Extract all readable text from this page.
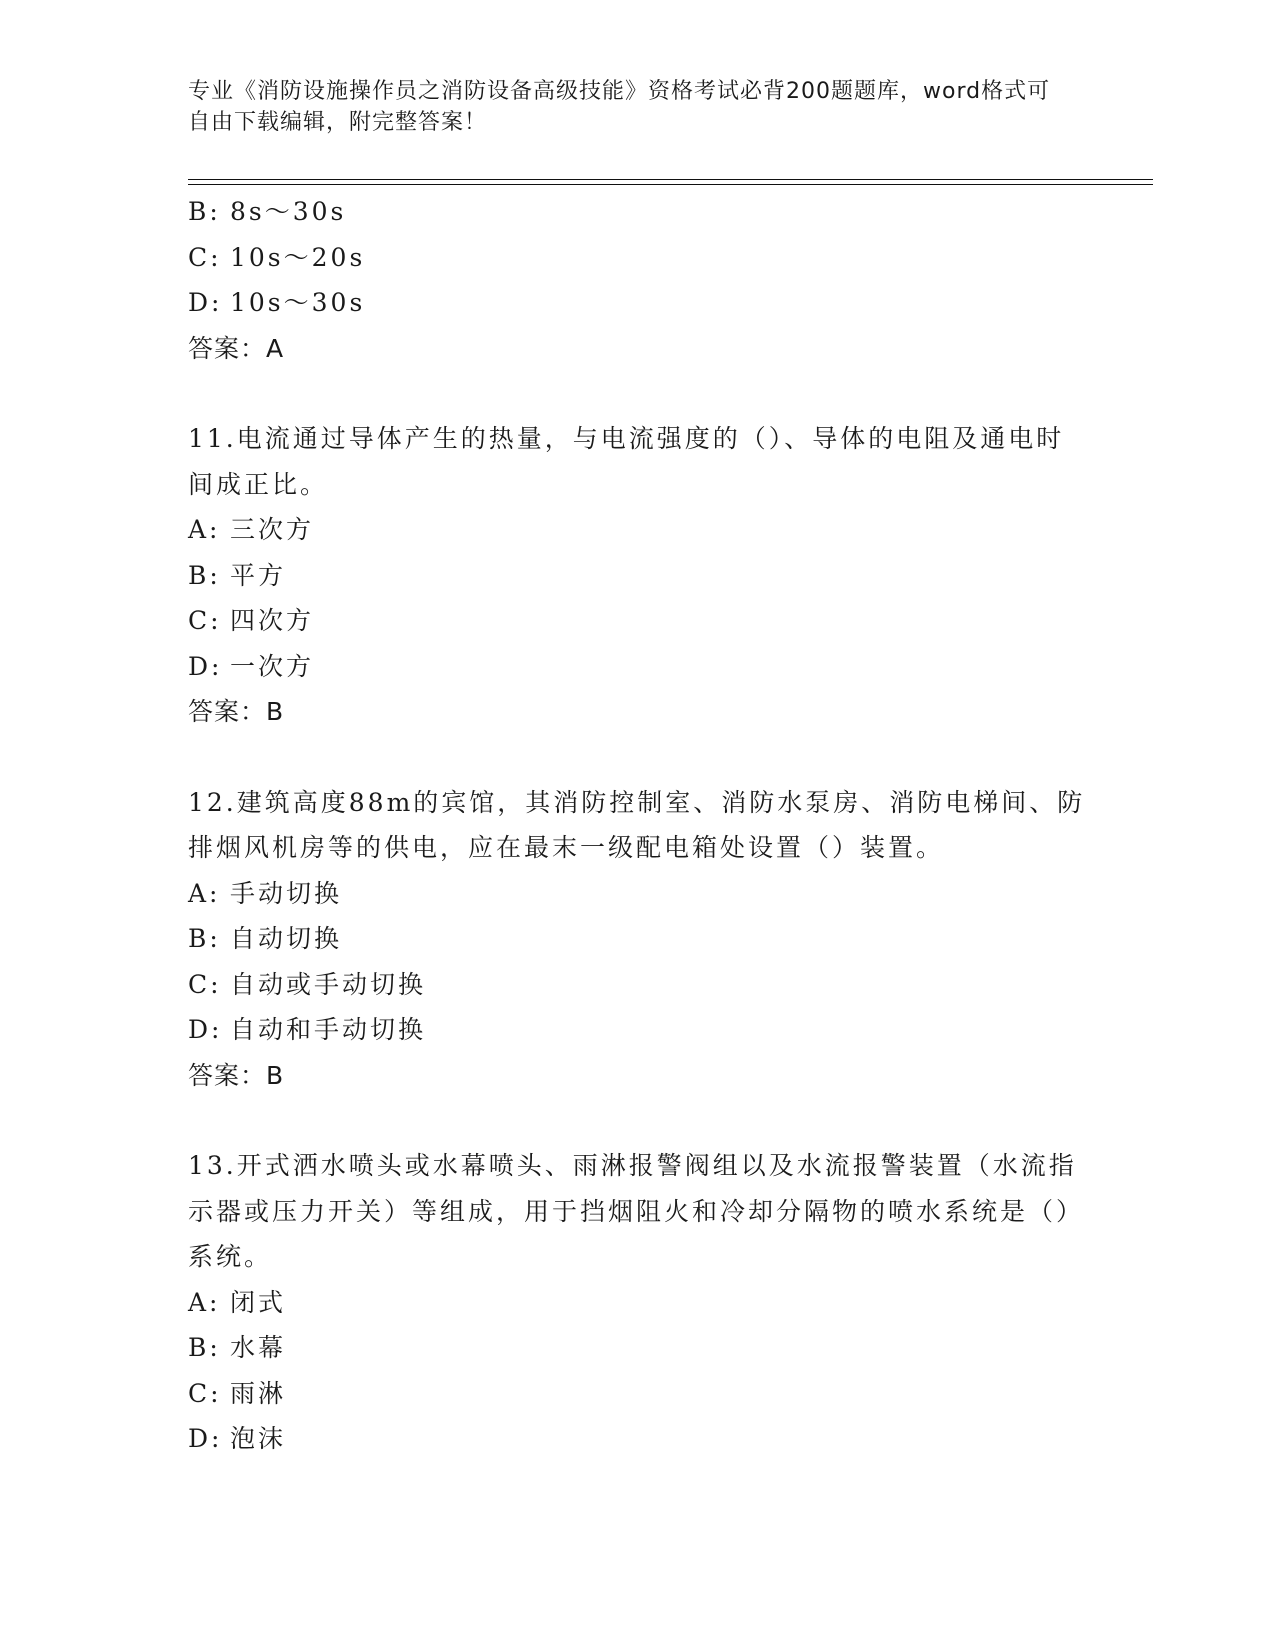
专业《消防设施操作员之消防设备高级技能》资格考试必背200题题库，word格式可自由下载编辑，附完整答案！
B: 8s～30s
C: 10s～20s
D: 10s～30s
答案：A
11.电流通过导体产生的热量，与电流强度的（）、导体的电阻及通电时间成正比。
A: 三次方
B: 平方
C: 四次方
D: 一次方
答案：B
12.建筑高度88m的宾馆，其消防控制室、消防水泵房、消防电梯间、防排烟风机房等的供电，应在最末一级配电箱处设置（）装置。
A: 手动切换
B: 自动切换
C: 自动或手动切换
D: 自动和手动切换
答案：B
13.开式洒水喷头或水幕喷头、雨淋报警阀组以及水流报警装置（水流指示器或压力开关）等组成，用于挡烟阻火和冷却分隔物的喷水系统是（）系统。
A: 闭式
B: 水幕
C: 雨淋
D: 泡沫
